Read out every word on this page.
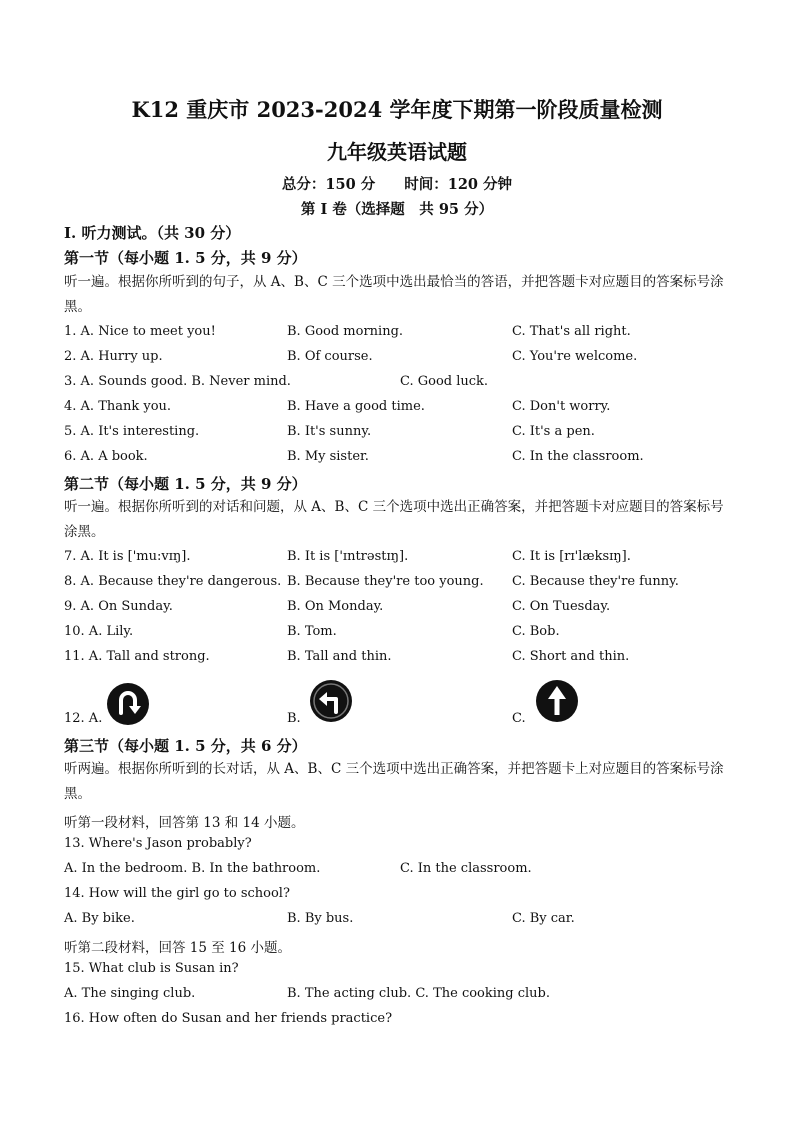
K12 重庆市 2023-2024 学年度下期第一阶段质量检测
九年级英语试题
总分：150 分　　时间：120 分钟
第 I 卷（选择题　共 95 分）
I. 听力测试。（共 30 分）
第一节（每小题 1. 5 分，共 9 分）
听一遍。根据你所听到的句子，从 A、B、C 三个选项中选出最恰当的答语，并把答题卡对应题目的答案标号涂黑。
1. A. Nice to meet you!	B. Good morning.	C. That's all right.
2. A. Hurry up.	B. Of course.	C. You're welcome.
3. A. Sounds good. B. Never mind.	C. Good luck.
4. A. Thank you.	B. Have a good time.	C. Don't worry.
5. A. It's interesting.	B. It's sunny.	C. It's a pen.
6. A. A book.	B. My sister.	C. In the classroom.
第二节（每小题 1. 5 分，共 9 分）
听一遍。根据你所听到的对话和问题，从 A、B、C 三个选项中选出正确答案，并把答题卡对应题目的答案标号涂黑。
7. A. It is ['mu:vɪŋ].	B. It is ['ɪntrəstɪŋ].	C. It is [rɪ'læksɪŋ].
8. A. Because they're dangerous. B. Because they're too young. C. Because they're funny.
9. A. On Sunday.	B. On Monday.	C. On Tuesday.
10. A. Lily.	B. Tom.	C. Bob.
11. A. Tall and strong.	B. Tall and thin.	C. Short and thin.
12. A.	B.	C.
第三节（每小题 1. 5 分，共 6 分）
听两遍。根据你所听到的长对话，从 A、B、C 三个选项中选出正确答案，并把答题卡上对应题目的答案标号涂黑。
听第一段材料，回答第 13 和 14 小题。
13. Where's Jason probably?
A. In the bedroom. B. In the bathroom.	C. In the classroom.
14. How will the girl go to school?
A. By bike.	B. By bus.	C. By car.
听第二段材料，回答 15 至 16 小题。
15. What club is Susan in?
A. The singing club.	B. The acting club. C. The cooking club.
16. How often do Susan and her friends practice?
